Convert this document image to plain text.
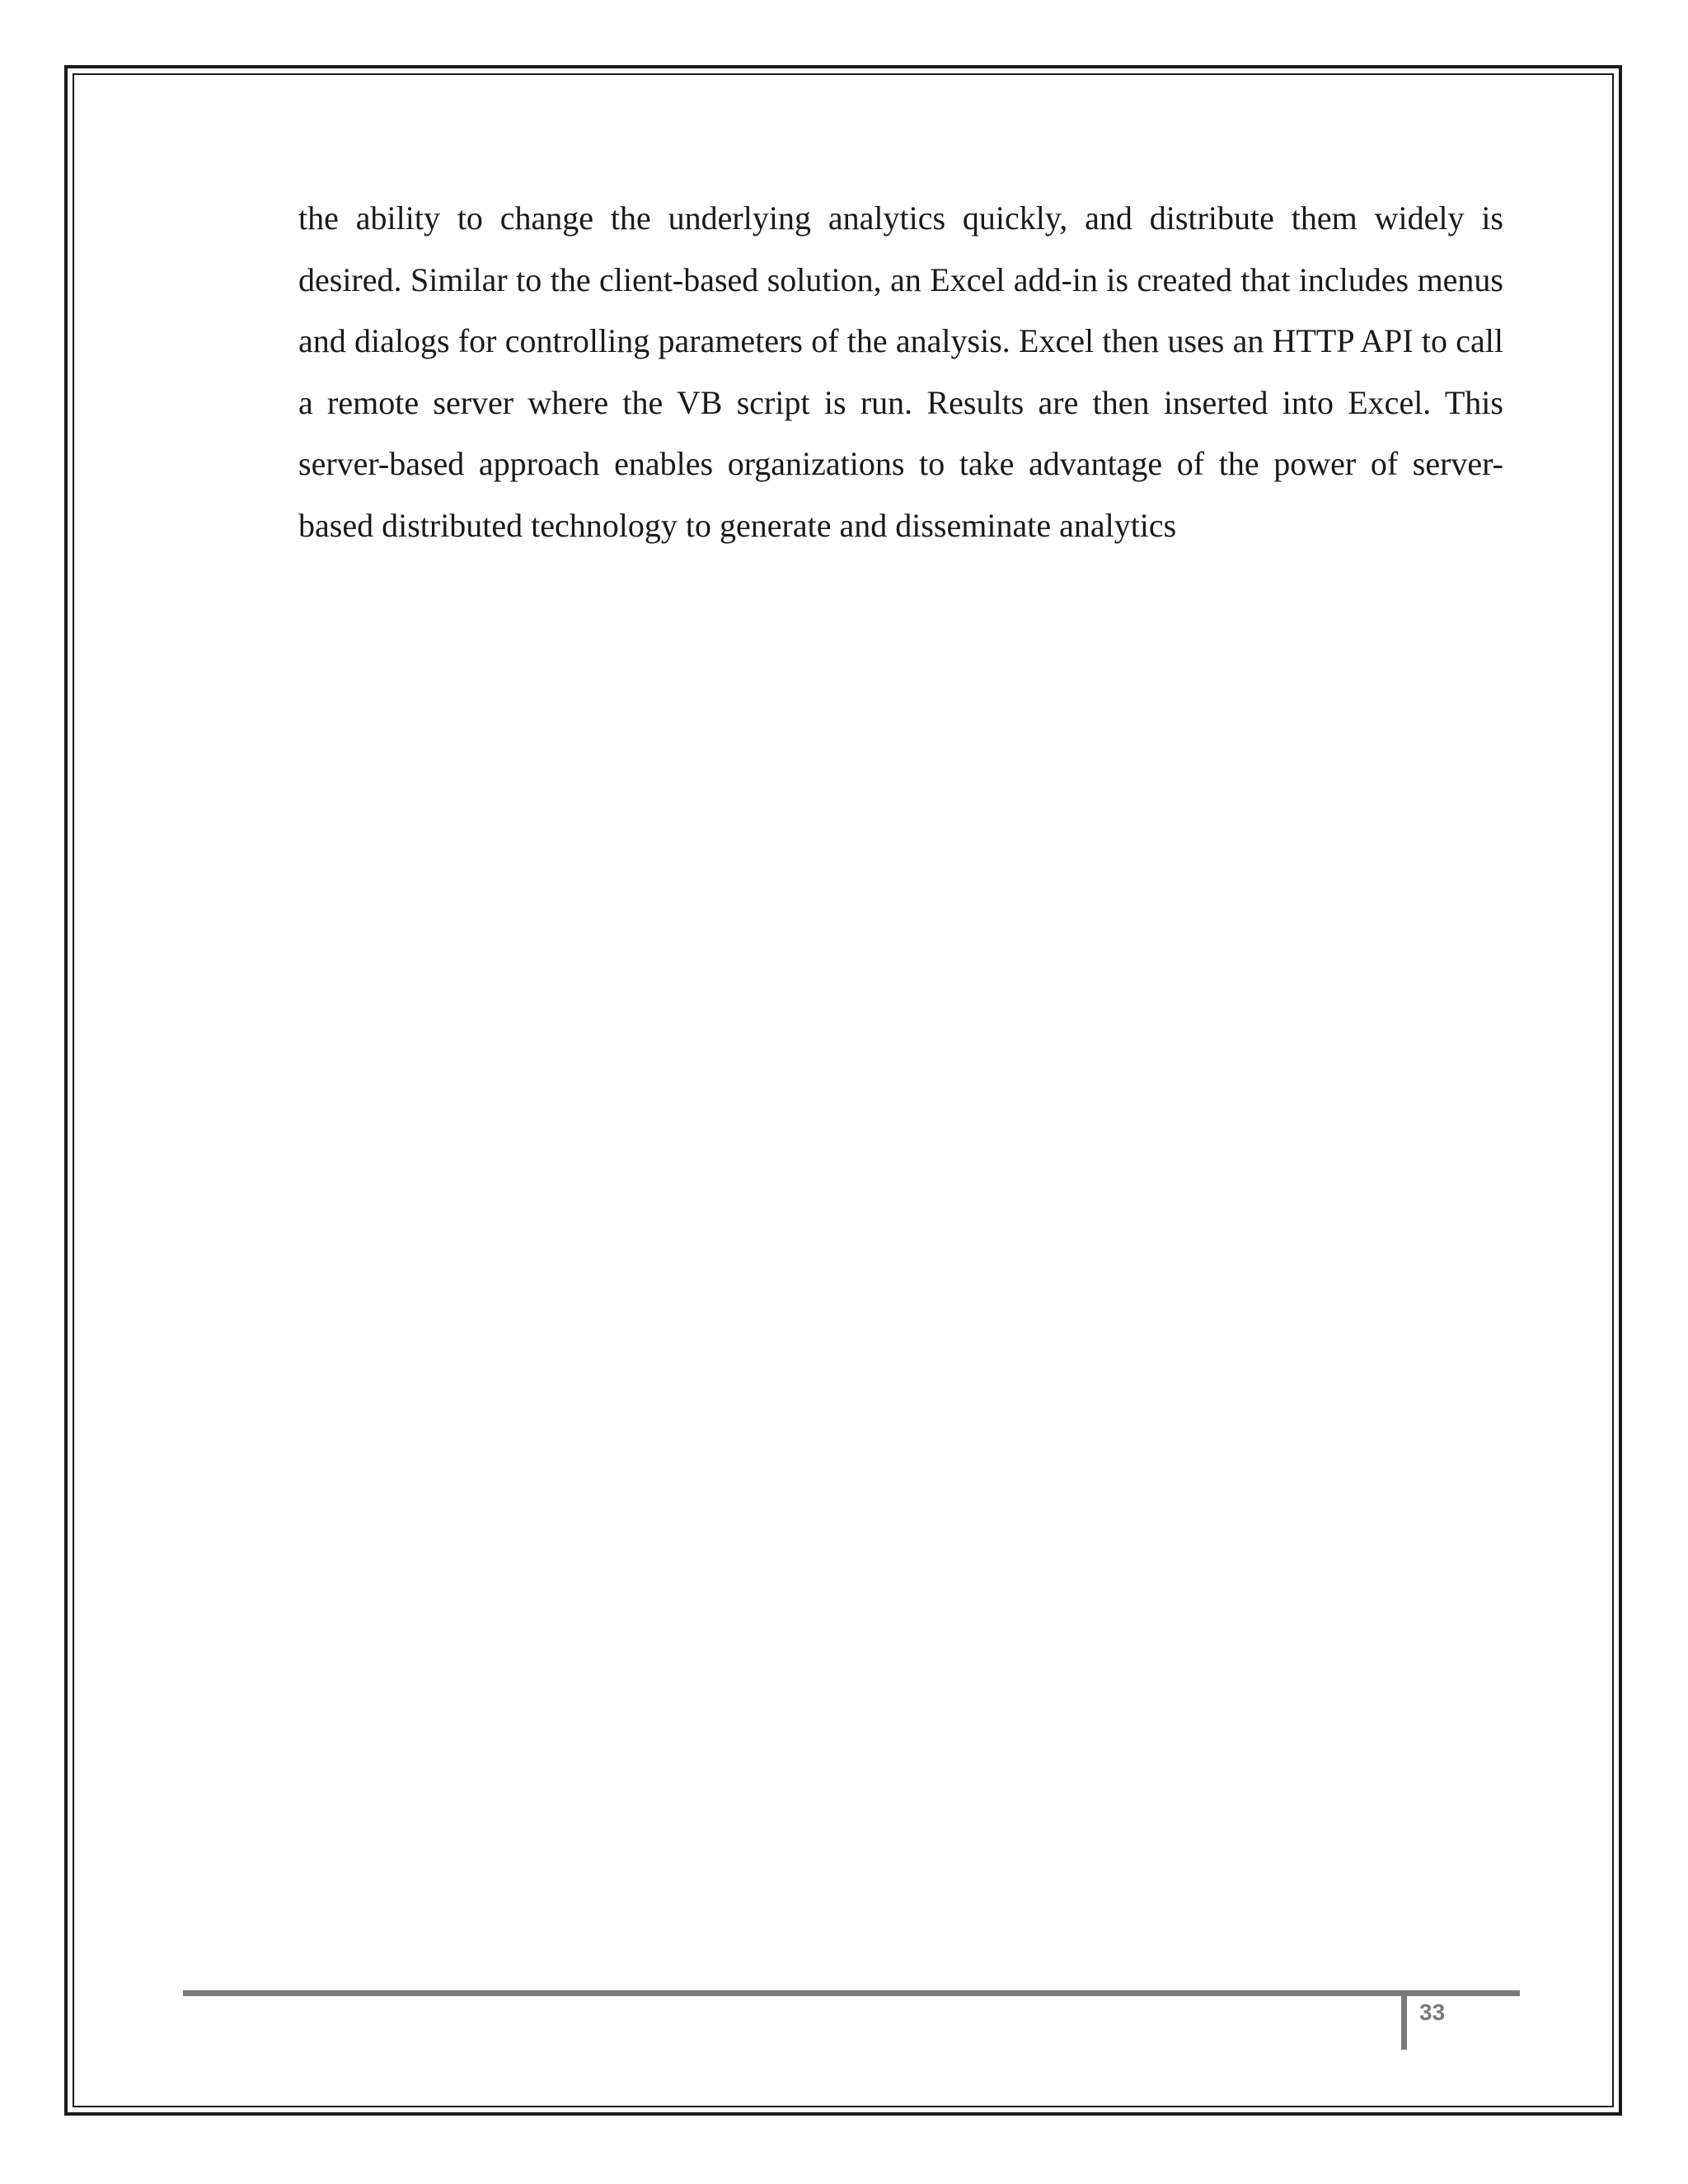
the ability to change the underlying analytics quickly, and distribute them widely is desired. Similar to the client-based solution, an Excel add-in is created that includes menus and dialogs for controlling parameters of the analysis. Excel then uses an HTTP API to call a remote server where the VB script is run. Results are then inserted into Excel. This server-based approach enables organizations to take advantage of the power of server-based distributed technology to generate and disseminate analytics

33
